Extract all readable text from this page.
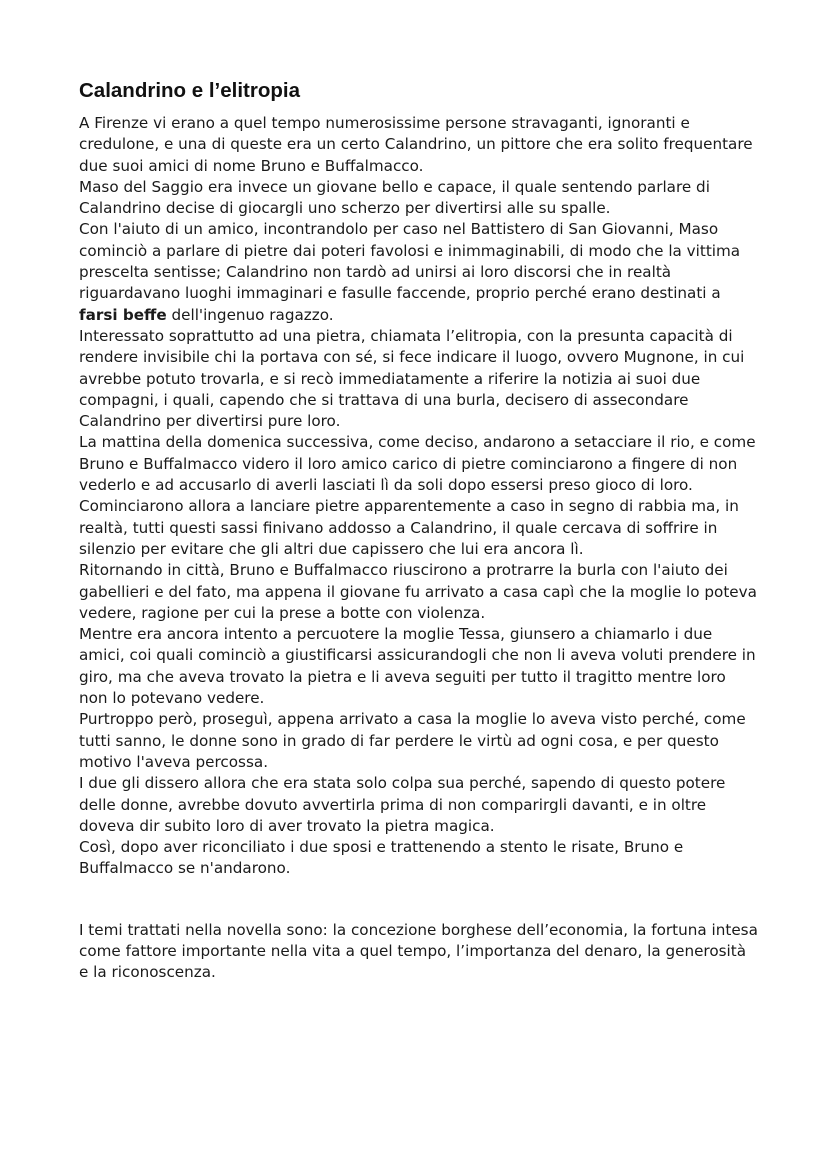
Calandrino e l’elitropia

A Firenze vi erano a quel tempo numerosissime persone stravaganti, ignoranti e credulone, e una di queste era un certo Calandrino, un pittore che era solito frequentare due suoi amici di nome Bruno e Buffalmacco.

Maso del Saggio era invece un giovane bello e capace, il quale sentendo parlare di Calandrino decise di giocargli uno scherzo per divertirsi alle su spalle.

Con l'aiuto di un amico, incontrandolo per caso nel Battistero di San Giovanni, Maso cominciò a parlare di pietre dai poteri favolosi e inimmaginabili, di modo che la vittima prescelta sentisse; Calandrino non tardò ad unirsi ai loro discorsi che in realtà riguardavano luoghi immaginari e fasulle faccende, proprio perché erano destinati a farsi beffe dell'ingenuo ragazzo.

Interessato soprattutto ad una pietra, chiamata l’elitropia, con la presunta capacità di rendere invisibile chi la portava con sé, si fece indicare il luogo, ovvero Mugnone, in cui avrebbe potuto trovarla, e si recò immediatamente a riferire la notizia ai suoi due compagni, i quali, capendo che si trattava di una burla, decisero di assecondare Calandrino per divertirsi pure loro.

La mattina della domenica successiva, come deciso, andarono a setacciare il rio, e come Bruno e Buffalmacco videro il loro amico carico di pietre cominciarono a fingere di non vederlo e ad accusarlo di averli lasciati lì da soli dopo essersi preso gioco di loro.

Cominciarono allora a lanciare pietre apparentemente a caso in segno di rabbia ma, in realtà, tutti questi sassi finivano addosso a Calandrino, il quale cercava di soffrire in silenzio per evitare che gli altri due capissero che lui era ancora lì.

Ritornando in città, Bruno e Buffalmacco riuscirono a protrarre la burla con l'aiuto dei gabellieri e del fato, ma appena il giovane fu arrivato a casa capì che la moglie lo poteva vedere, ragione per cui la prese a botte con violenza.

Mentre era ancora intento a percuotere la moglie Tessa, giunsero a chiamarlo i due amici, coi quali cominciò a giustificarsi assicurandogli che non li aveva voluti prendere in giro, ma che aveva trovato la pietra e li aveva seguiti per tutto il tragitto mentre loro non lo potevano vedere.

Purtroppo però, proseguì, appena arrivato a casa la moglie lo aveva visto perché, come tutti sanno, le donne sono in grado di far perdere le virtù ad ogni cosa, e per questo motivo l'aveva percossa.

I due gli dissero allora che era stata solo colpa sua perché, sapendo di questo potere delle donne, avrebbe dovuto avvertirla prima di non comparirgli davanti, e in oltre doveva dir subito loro di aver trovato la pietra magica.

Così, dopo aver riconciliato i due sposi e trattenendo a stento le risate, Bruno e Buffalmacco se n'andarono.

I temi trattati nella novella sono: la concezione borghese dell’economia, la fortuna intesa come fattore importante nella vita a quel tempo, l’importanza del denaro, la generosità e la riconoscenza.
